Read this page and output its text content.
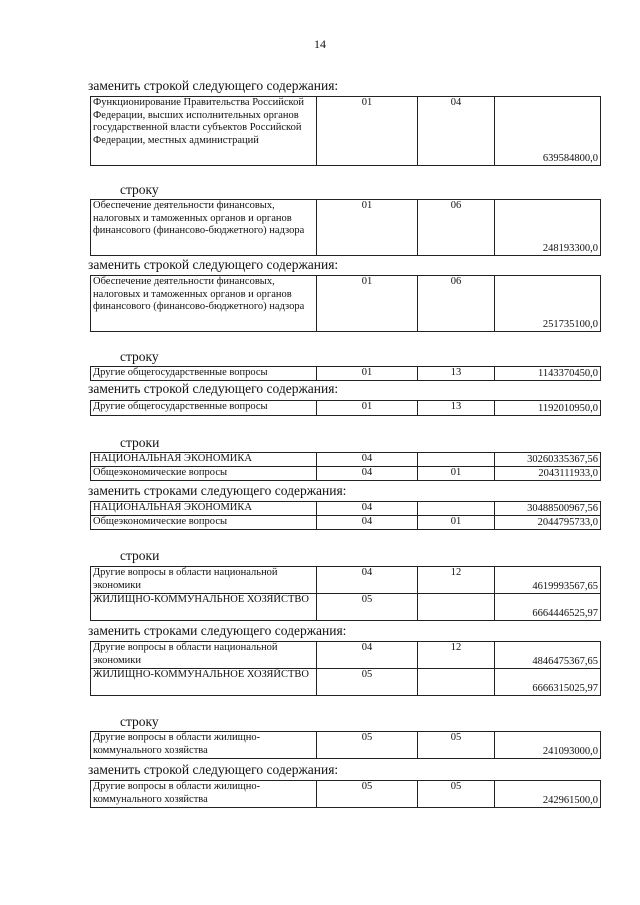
14
заменить строкой следующего содержания:
Функционирование Правительства Российской Федерации, высших исполнительных органов государственной власти субъектов Российской Федерации, местных администраций	01	04	639584800,0
строку
Обеспечение деятельности финансовых, налоговых и таможенных органов и органов финансового (финансово-бюджетного) надзора	01	06	248193300,0
заменить строкой следующего содержания:
Обеспечение деятельности финансовых, налоговых и таможенных органов и органов финансового (финансово-бюджетного) надзора	01	06	251735100,0
строку
Другие общегосударственные вопросы	01	13	1143370450,0
заменить строкой следующего содержания:
Другие общегосударственные вопросы	01	13	1192010950,0
строки
НАЦИОНАЛЬНАЯ ЭКОНОМИКА	04		30260335367,56
Общеэкономические вопросы	04	01	2043111933,0
заменить строками следующего содержания:
НАЦИОНАЛЬНАЯ ЭКОНОМИКА	04		30488500967,56
Общеэкономические вопросы	04	01	2044795733,0
строки
Другие вопросы в области национальной экономики	04	12	4619993567,65
ЖИЛИЩНО-КОММУНАЛЬНОЕ ХОЗЯЙСТВО	05		6664446525,97
заменить строками следующего содержания:
Другие вопросы в области национальной экономики	04	12	4846475367,65
ЖИЛИЩНО-КОММУНАЛЬНОЕ ХОЗЯЙСТВО	05		6666315025,97
строку
Другие вопросы в области жилищно-коммунального хозяйства	05	05	241093000,0
заменить строкой следующего содержания:
Другие вопросы в области жилищно-коммунального хозяйства	05	05	242961500,0
